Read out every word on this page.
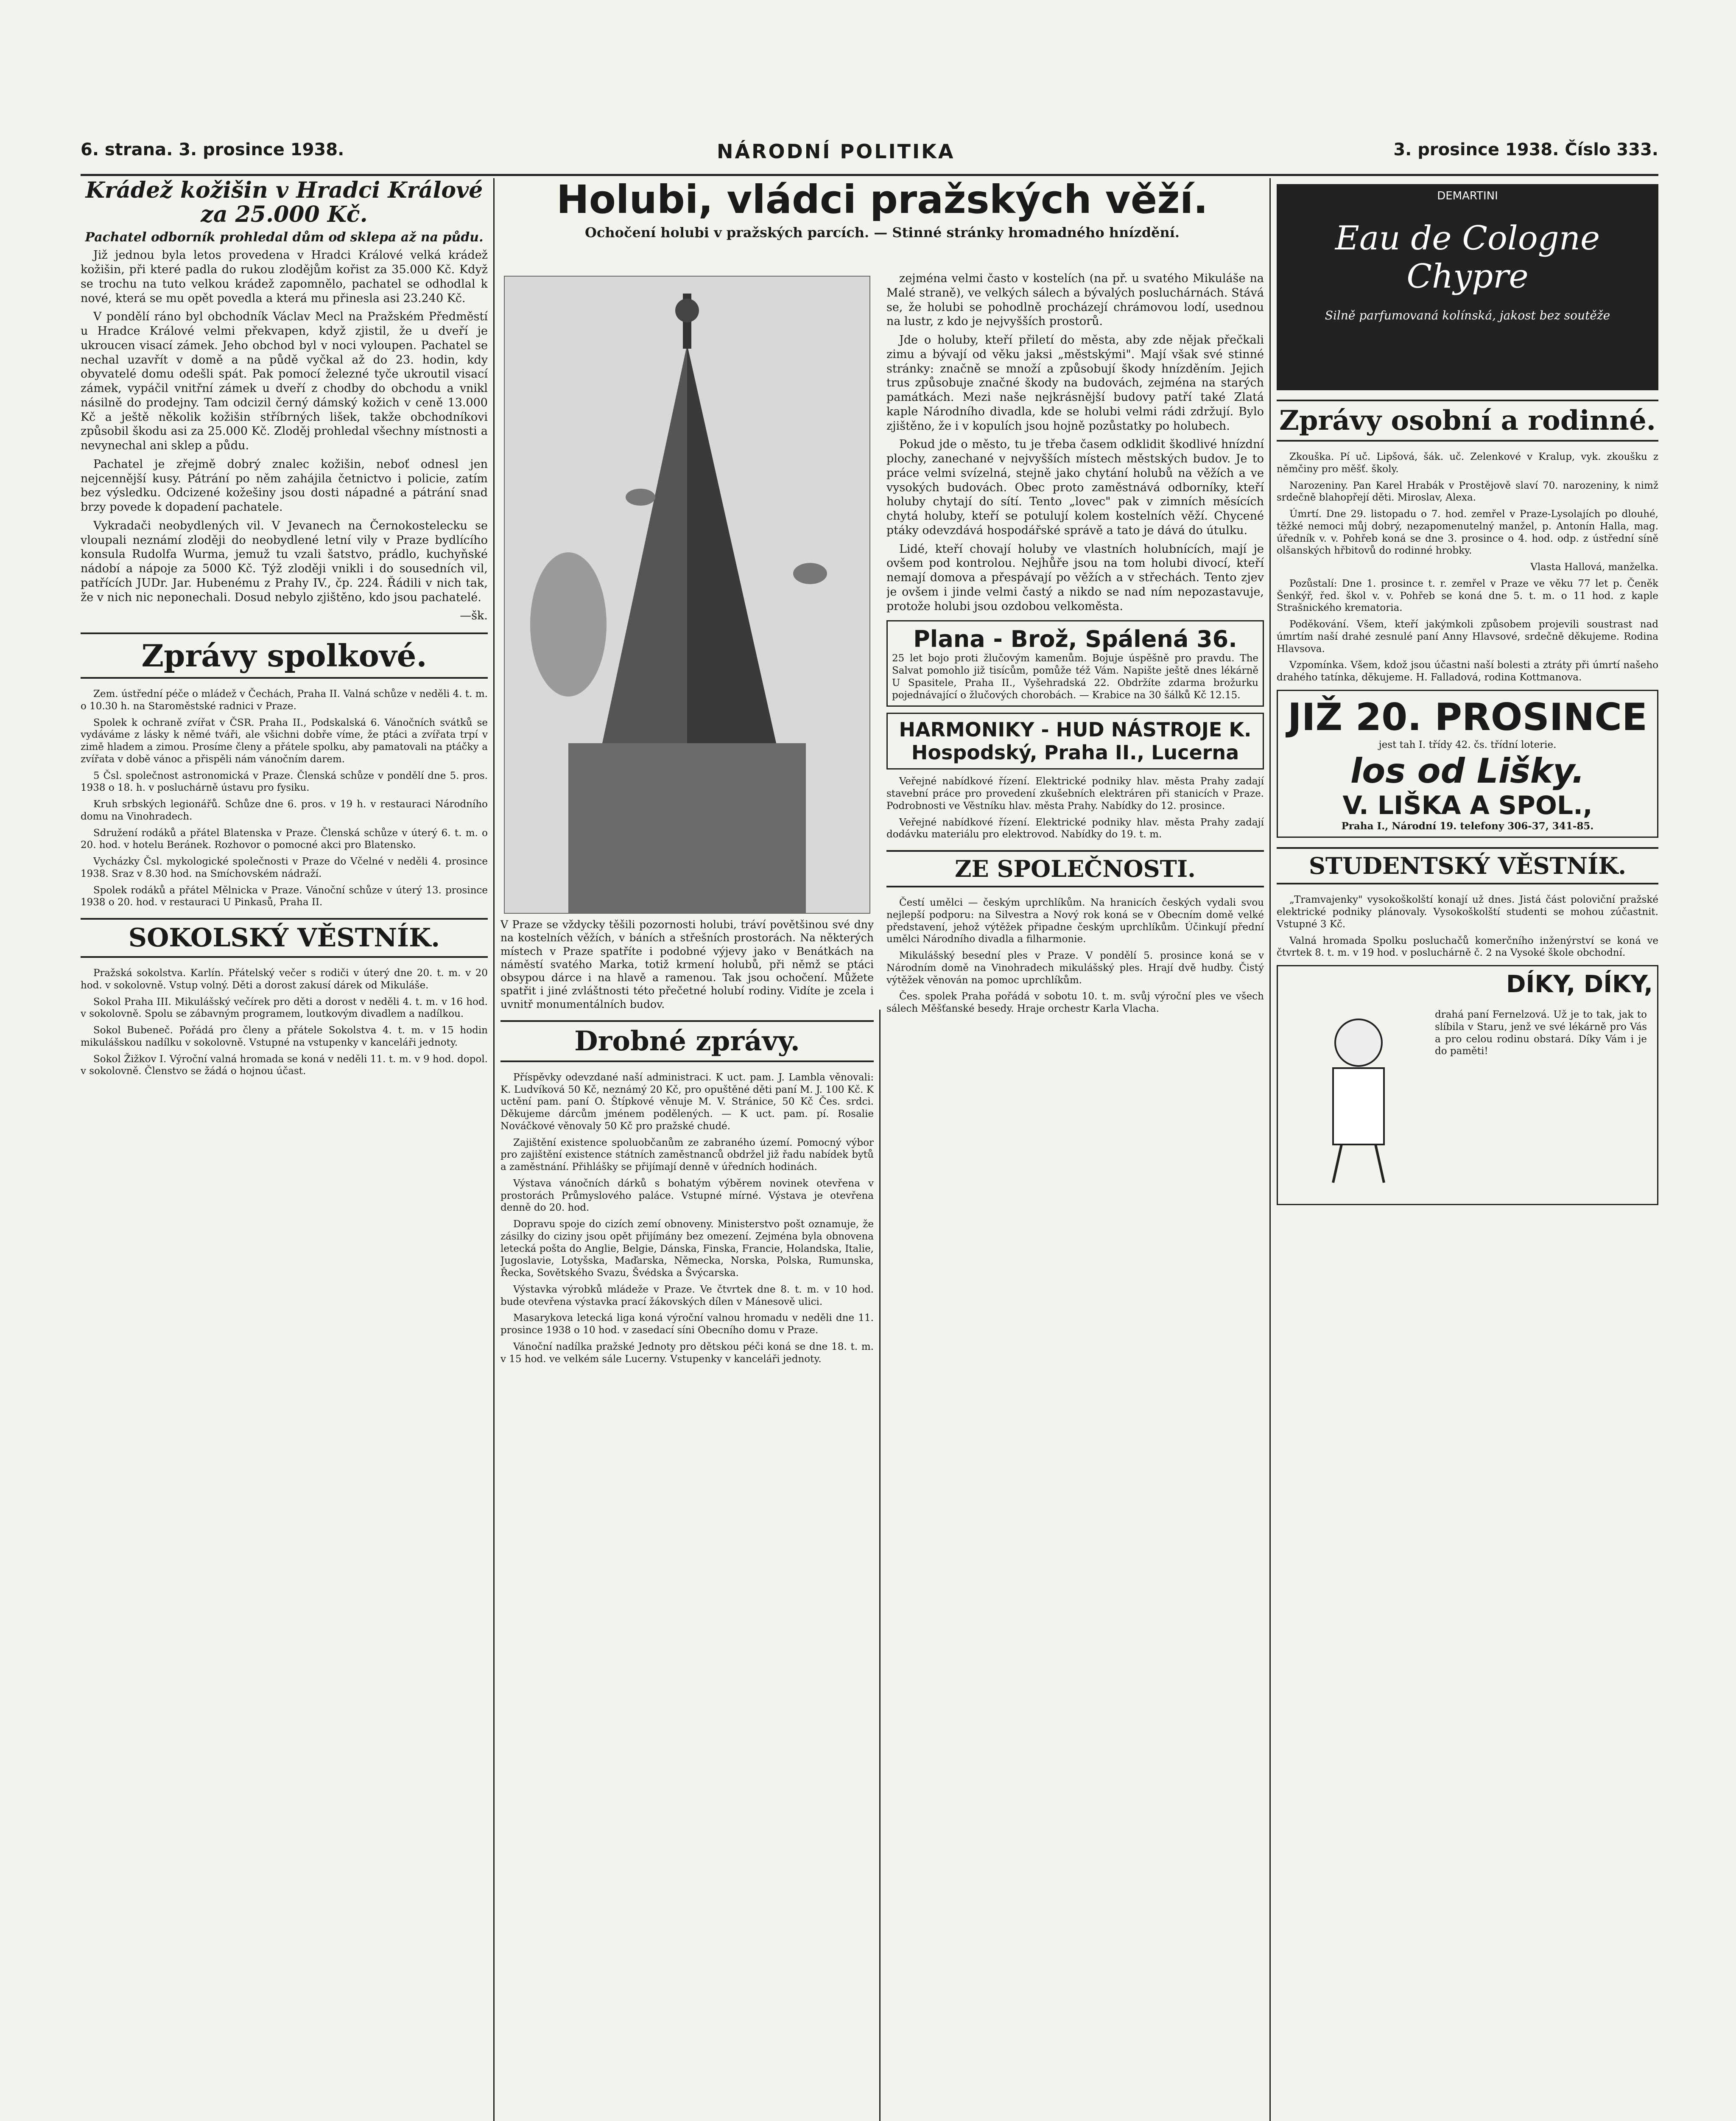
6. strana. 3. prosince 1938.	NÁRODNÍ POLITIKA	3. prosince 1938. Číslo 333.
Krádež kožišin v Hradci Králové za 25.000 Kč.
Pachatel odborník prohledal dům od sklepa až na půdu.

Již jednou byla letos provedena v Hradci Králové velká krádež kožišin, při které padla do rukou zlodějům kořist za 35.000 Kč. Když se trochu na tuto velkou krádež zapomnělo, pachatel se odhodlal k nové, která se mu opět povedla a která mu přinesla asi 23.240 Kč.

V pondělí ráno byl obchodník Václav Mecl na Pražském Předměstí u Hradce Králové velmi překvapen, když zjistil, že u dveří je ukroucen visací zámek. Jeho obchod byl v noci vyloupen. Pachatel se nechal uzavřít v domě a na půdě vyčkal až do 23. hodin, kdy obyvatelé domu odešli spát. Pak pomocí železné tyče ukroutil visací zámek, vypáčil vnitřní zámek u dveří z chodby do obchodu a vnikl násilně do prodejny. Tam odcizil černý dámský kožich v ceně 13.000 Kč a ještě několik kožišin stříbrných lišek, takže obchodníkovi způsobil škodu asi za 25.000 Kč. Zloděj prohledal všechny místnosti a nevynechal ani sklep a půdu.

Pachatel je zřejmě dobrý znalec kožišin, neboť odnesl jen nejcennější kusy. Pátrání po něm zahájila četnictvo i policie, zatím bez výsledku. Odcizené kožešiny jsou dosti nápadné a pátrání snad brzy povede k dopadení pachatele.

Vykradači neobydlených vil. V Jevanech na Černokostelecku se vloupali neznámí zloději do neobydlené letní vily v Praze bydlícího konsula Rudolfa Wurma, jemuž tu vzali šatstvo, prádlo, kuchyňské nádobí a nápoje za 5000 Kč. Týž zloději vnikli i do sousedních vil, patřících JUDr. Jar. Hubenému z Prahy IV., čp. 224. Řádili v nich tak, že v nich nic neponechali. Dosud nebylo zjištěno, kdo jsou pachatelé.

—šk.

Zprávy spolkové.

Zem. ústřední péče o mládež v Čechách, Praha II. Valná schůze v neděli 4. t. m. o 10.30 h. na Staroměstské radnici v Praze.

Spolek k ochraně zvířat v ČSR. Praha II., Podskalská 6. Vánočních svátků se vydáváme z lásky k němé tváři, ale všichni dobře víme, že ptáci a zvířata trpí v zimě hladem a zimou. Prosíme členy a přátele spolku, aby pamatovali na ptáčky a zvířata v době vánoc a přispěli nám vánočním darem.

5 Čsl. společnost astronomická v Praze. Členská schůze v pondělí dne 5. pros. 1938 o 18. h. v posluchárně ústavu pro fysiku.

Kruh srbských legionářů. Schůze dne 6. pros. v 19 h. v restauraci Národního domu na Vinohradech.

Sdružení rodáků a přátel Blatenska v Praze. Členská schůze v úterý 6. t. m. o 20. hod. v hotelu Beránek. Rozhovor o pomocné akci pro Blatensko.

Vycházky Čsl. mykologické společnosti v Praze do Včelné v neděli 4. prosince 1938. Sraz v 8.30 hod. na Smíchovském nádraží.

Spolek rodáků a přátel Mělnicka v Praze. Vánoční schůze v úterý 13. prosince 1938 o 20. hod. v restauraci U Pinkasů, Praha II.

SOKOLSKÝ VĚSTNÍK.

Pražská sokolstva. Karlín. Přátelský večer s rodiči v úterý dne 20. t. m. v 20 hod. v sokolovně. Vstup volný. Děti a dorost zakusí dárek od Mikuláše.

Sokol Praha III. Mikulášský večírek pro děti a dorost v neděli 4. t. m. v 16 hod. v sokolovně. Spolu se zábavným programem, loutkovým divadlem a nadílkou.

Sokol Bubeneč. Pořádá pro členy a přátele Sokolstva 4. t. m. v 15 hodin mikulášskou nadílku v sokolovně. Vstupné na vstupenky v kanceláři jednoty.

Sokol Žižkov I. Výroční valná hromada se koná v neděli 11. t. m. v 9 hod. dopol. v sokolovně. Členstvo se žádá o hojnou účast.

Holubi, vládci pražských věží.
Ochočení holubi v pražských parcích. — Stinné stránky hromadného hnízdění.
V Praze se vždycky těšili pozornosti holubi, tráví povětšinou své dny na kostelních věžích, v báních a střešních prostorách. Na některých místech v Praze spatříte i podobné výjevy jako v Benátkách na náměstí svatého Marka, totiž krmení holubů, při němž se ptáci obsypou dárce i na hlavě a ramenou. Tak jsou ochočení. Můžete spatřit i jiné zvláštnosti této přečetné holubí rodiny. Vidíte je zcela i uvnitř monumentálních budov.
Drobné zprávy.

Příspěvky odevzdané naší administraci. K uct. pam. J. Lambla věnovali: K. Ludvíková 50 Kč, neznámý 20 Kč, pro opuštěné děti paní M. J. 100 Kč. K uctění pam. paní O. Štípkové věnuje M. V. Stránice, 50 Kč Čes. srdci. Děkujeme dárcům jménem podělených. — K uct. pam. pí. Rosalie Nováčkové věnovaly 50 Kč pro pražské chudé.

Zajištění existence spoluobčanům ze zabraného území. Pomocný výbor pro zajištění existence státních zaměstnanců obdržel již řadu nabídek bytů a zaměstnání. Přihlášky se přijímají denně v úředních hodinách.

Výstava vánočních dárků s bohatým výběrem novinek otevřena v prostorách Průmyslového paláce. Vstupné mírné. Výstava je otevřena denně do 20. hod.

Dopravu spoje do cizích zemí obnoveny. Ministerstvo pošt oznamuje, že zásilky do ciziny jsou opět přijímány bez omezení. Zejména byla obnovena letecká pošta do Anglie, Belgie, Dánska, Finska, Francie, Holandska, Italie, Jugoslavie, Lotyšska, Maďarska, Německa, Norska, Polska, Rumunska, Řecka, Sovětského Svazu, Švédska a Švýcarska.

Výstavka výrobků mládeže v Praze. Ve čtvrtek dne 8. t. m. v 10 hod. bude otevřena výstavka prací žákovských dílen v Mánesově ulici.

Masarykova letecká liga koná výroční valnou hromadu v neděli dne 11. prosince 1938 o 10 hod. v zasedací síni Obecního domu v Praze.

Vánoční nadílka pražské Jednoty pro dětskou péči koná se dne 18. t. m. v 15 hod. ve velkém sále Lucerny. Vstupenky v kanceláři jednoty.

zejména velmi často v kostelích (na př. u svatého Mikuláše na Malé straně), ve velkých sálech a bývalých posluchárnách. Stává se, že holubi se pohodlně procházejí chrámovou lodí, usednou na lustr, z kdo je nejvyšších prostorů.

Jde o holuby, kteří přiletí do města, aby zde nějak přečkali zimu a bývají od věku jaksi „městskými". Mají však své stinné stránky: značně se množí a způsobují škody hnízděním. Jejich trus způsobuje značné škody na budovách, zejména na starých památkách. Mezi naše nejkrásnější budovy patří také Zlatá kaple Národního divadla, kde se holubi velmi rádi zdržují. Bylo zjištěno, že i v kopulích jsou hojně pozůstatky po holubech.

Pokud jde o město, tu je třeba časem odklidit škodlivé hnízdní plochy, zanechané v nejvyšších místech městských budov. Je to práce velmi svízelná, stejně jako chytání holubů na věžích a ve vysokých budovách. Obec proto zaměstnává odborníky, kteří holuby chytají do sítí. Tento „lovec" pak v zimních měsících chytá holuby, kteří se potulují kolem kostelních věží. Chycené ptáky odevzdává hospodářské správě a tato je dává do útulku.

Lidé, kteří chovají holuby ve vlastních holubnících, mají je ovšem pod kontrolou. Nejhůře jsou na tom holubi divocí, kteří nemají domova a přespávají po věžích a v střechách. Tento zjev je ovšem i jinde velmi častý a nikdo se nad ním nepozastavuje, protože holubi jsou ozdobou velkoměsta.

Plana - Brož, Spálená 36.
25 let bojo proti žlučovým kamenům. Bojuje úspěšně pro pravdu. The Salvat pomohlo již tisícům, pomůže též Vám. Napište ještě dnes lékárně U Spasitele, Praha II., Vyšehradská 22. Obdržíte zdarma brožurku pojednávající o žlučových chorobách. — Krabice na 30 šálků Kč 12.15.
HARMONIKY - HUD NÁSTROJE K. Hospodský, Praha II., Lucerna

Veřejné nabídkové řízení. Elektrické podniky hlav. města Prahy zadají stavební práce pro provedení zkušebních elektráren při stanicích v Praze. Podrobnosti ve Věstníku hlav. města Prahy. Nabídky do 12. prosince.

Veřejné nabídkové řízení. Elektrické podniky hlav. města Prahy zadají dodávku materiálu pro elektrovod. Nabídky do 19. t. m.

ZE SPOLEČNOSTI.

Čestí umělci — českým uprchlíkům. Na hranicích českých vydali svou nejlepší podporu: na Silvestra a Nový rok koná se v Obecním domě velké představení, jehož výtěžek připadne českým uprchlíkům. Účinkují přední umělci Národního divadla a filharmonie.

Mikulášský besední ples v Praze. V pondělí 5. prosince koná se v Národním domě na Vinohradech mikulášský ples. Hrají dvě hudby. Čistý výtěžek věnován na pomoc uprchlíkům.

Čes. spolek Praha pořádá v sobotu 10. t. m. svůj výroční ples ve všech sálech Měšťanské besedy. Hraje orchestr Karla Vlacha.

DEMARTINI
Eau de Cologne Chypre
Silně parfumovaná kolínská, jakost bez soutěže
Zprávy osobní a rodinné.

Zkouška. Pí uč. Lipšová, šák. uč. Zelenkové v Kralup, vyk. zkoušku z němčiny pro měšť. školy.

Narozeniny. Pan Karel Hrabák v Prostějově slaví 70. narozeniny, k nimž srdečně blahopřejí děti. Miroslav, Alexa.

Úmrtí. Dne 29. listopadu o 7. hod. zemřel v Praze-Lysolajích po dlouhé, těžké nemoci můj dobrý, nezapomenutelný manžel, p. Antonín Halla, mag. úředník v. v. Pohřeb koná se dne 3. prosince o 4. hod. odp. z ústřední síně olšanských hřbitovů do rodinné hrobky.

Vlasta Hallová, manželka.

Pozůstalí: Dne 1. prosince t. r. zemřel v Praze ve věku 77 let p. Čeněk Šenkýř, řed. škol v. v. Pohřeb se koná dne 5. t. m. o 11 hod. z kaple Strašnického krematoria.

Poděkování. Všem, kteří jakýmkoli způsobem projevili soustrast nad úmrtím naší drahé zesnulé paní Anny Hlavsové, srdečně děkujeme. Rodina Hlavsova.

Vzpomínka. Všem, kdož jsou účastni naší bolesti a ztráty při úmrtí našeho drahého tatínka, děkujeme. H. Falladová, rodina Kottmanova.

JIŽ 20. PROSINCE
jest tah I. třídy 42. čs. třídní loterie.
los od Lišky.
V. LIŠKA A SPOL.,
Praha I., Národní 19. telefony 306-37, 341-85.
STUDENTSKÝ VĚSTNÍK.

„Tramvajenky" vysokoškolští konají už dnes. Jistá část poloviční pražské elektrické podniky plánovaly. Vysokoškolští studenti se mohou zúčastnit. Vstupné 3 Kč.

Valná hromada Spolku posluchačů komerčního inženýrství se koná ve čtvrtek 8. t. m. v 19 hod. v posluchárně č. 2 na Vysoké škole obchodní.

DÍKY, DÍKY,
drahá paní Fernelzová. Už je to tak, jak to slíbila v Staru, jenž ve své lékárně pro Vás a pro celou rodinu obstará. Díky Vám i je do paměti!
